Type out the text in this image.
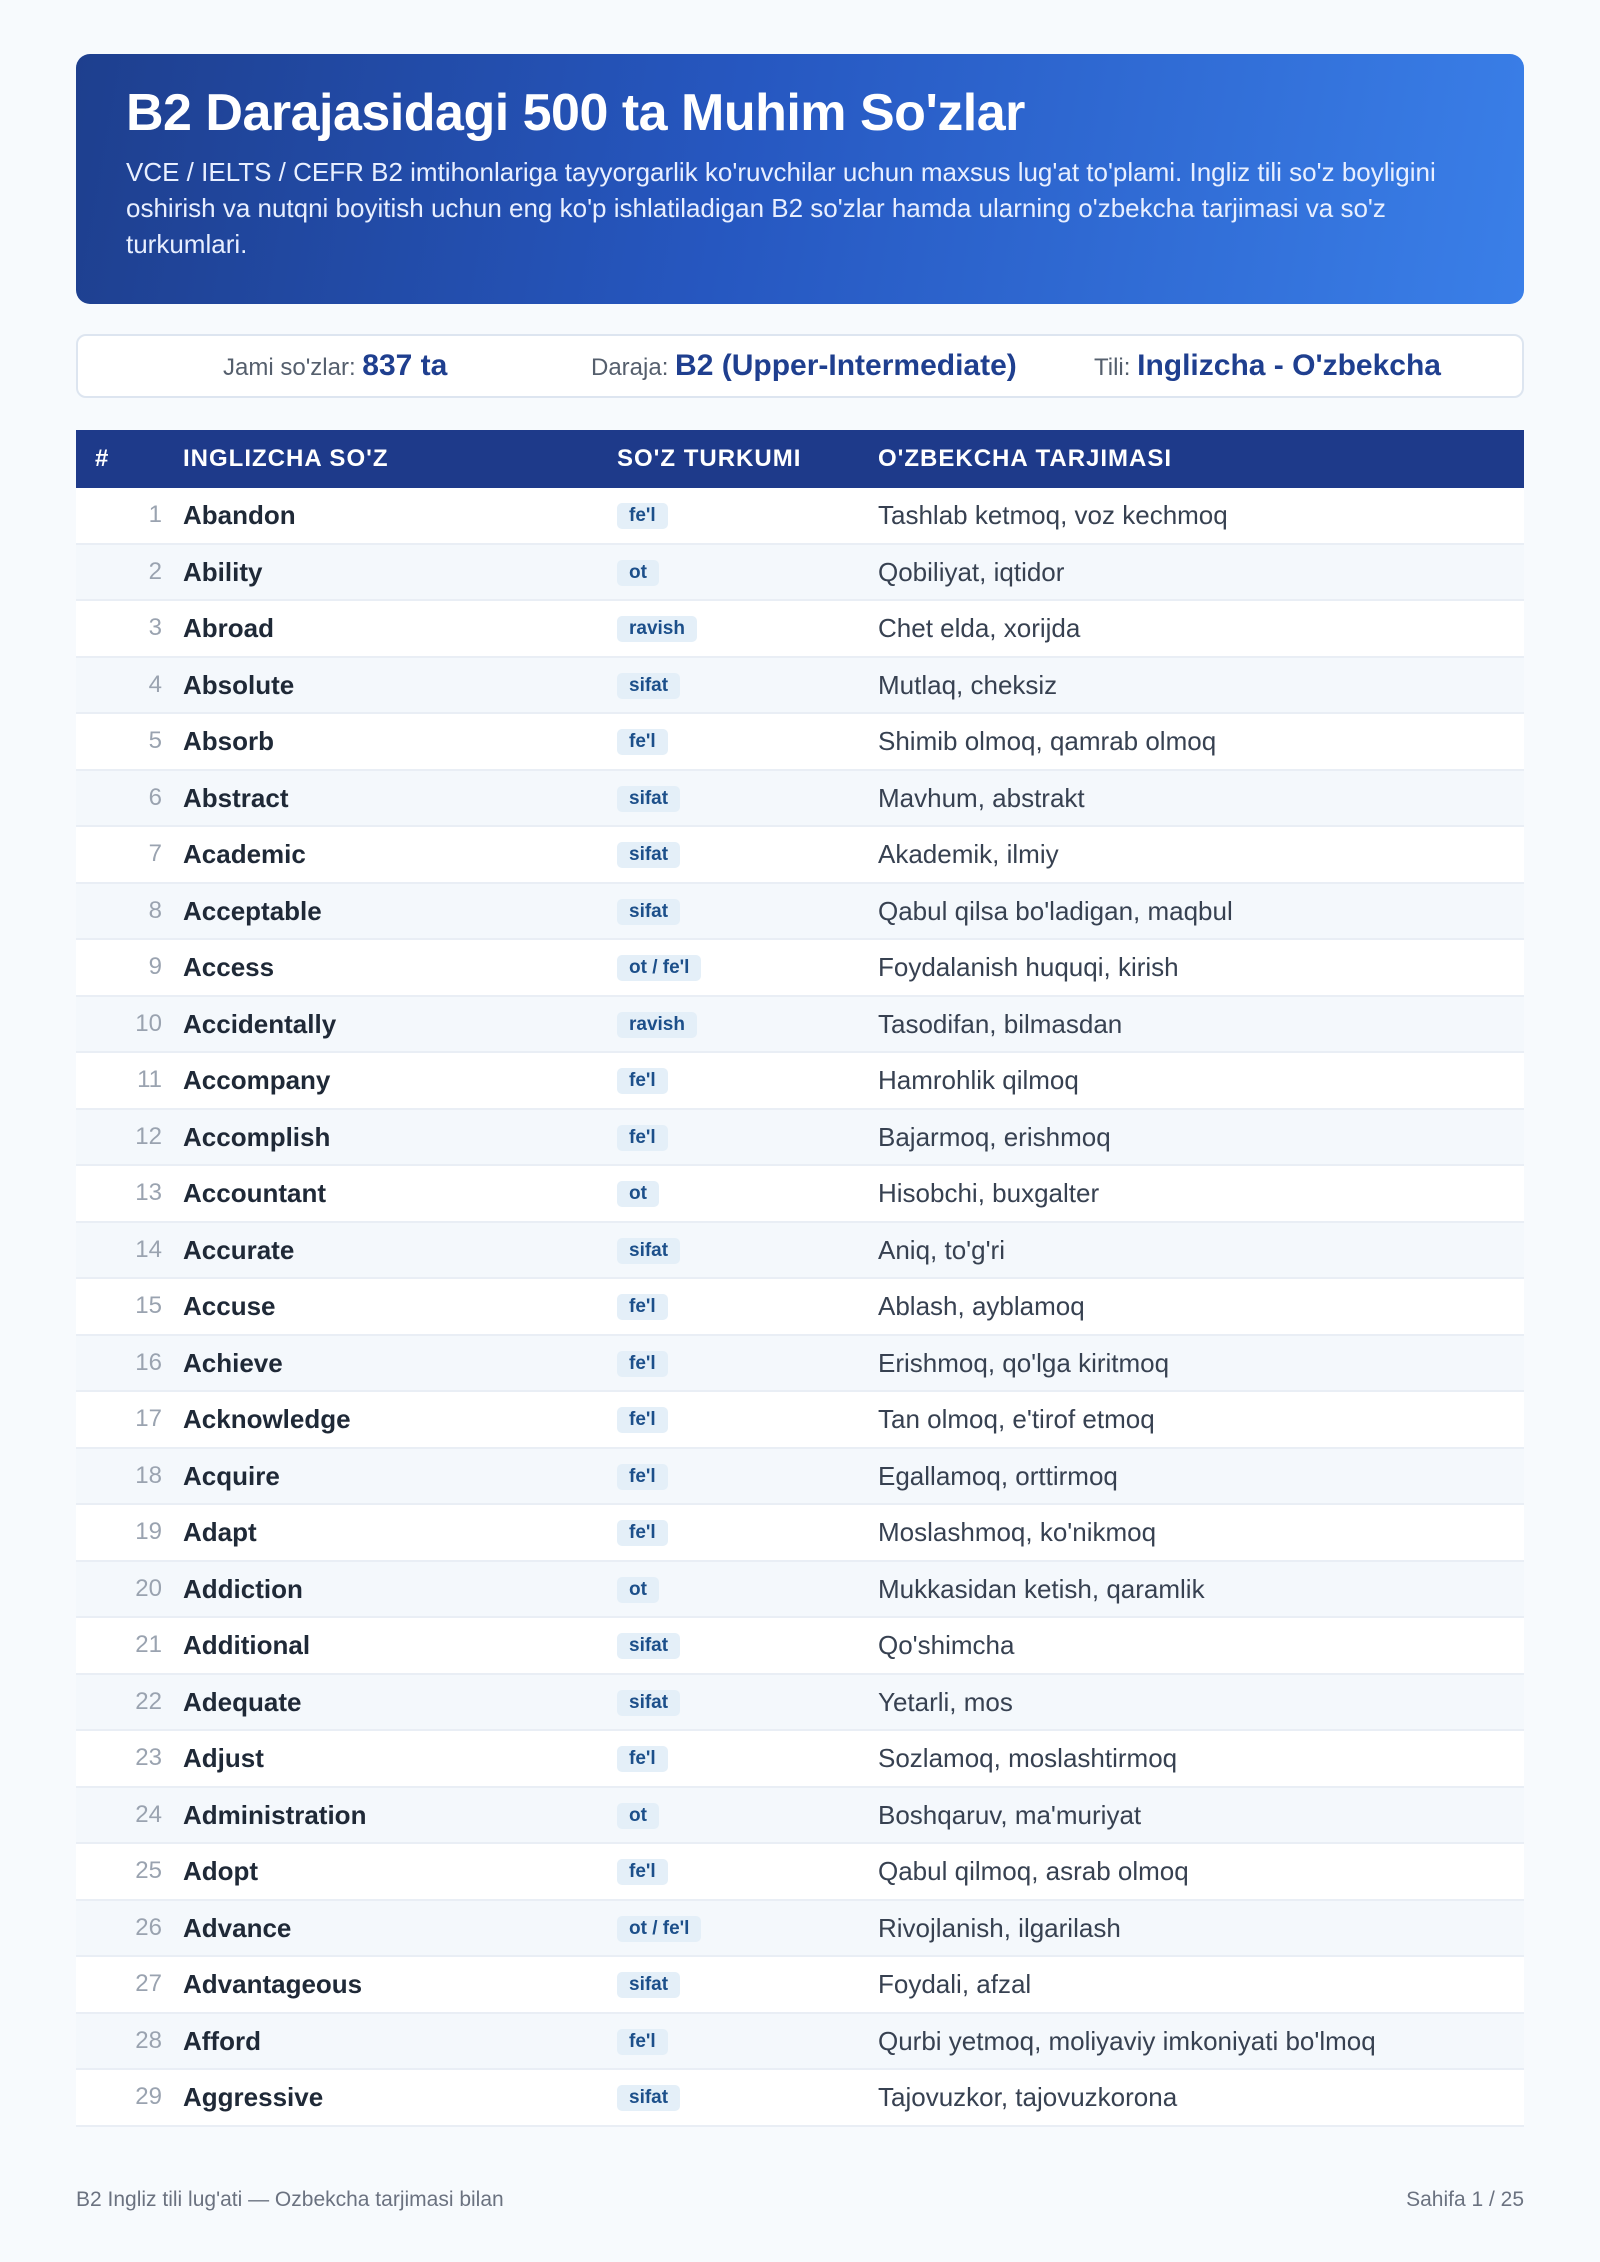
B2 Darajasidagi 500 ta Muhim So'zlar

VCE / IELTS / CEFR B2 imtihonlariga tayyorgarlik ko'ruvchilar uchun maxsus lug'at to'plami. Ingliz tili so'z boyligini oshirish va nutqni boyitish uchun eng ko'p ishlatiladigan B2 so'zlar hamda ularning o'zbekcha tarjimasi va so'z turkumlari.

Jami so'zlar: 837 ta	Daraja: B2 (Upper-Intermediate)	Tili: Inglizcha - O'zbekcha
#	INGLIZCHA SO'Z	SO'Z TURKUMI	O'ZBEKCHA TARJIMASI
1 Abandon	fe'l	Tashlab ketmoq, voz kechmoq
2 Ability	ot	Qobiliyat, iqtidor
3 Abroad	ravish	Chet elda, xorijda
4 Absolute	sifat	Mutlaq, cheksiz
5 Absorb	fe'l	Shimib olmoq, qamrab olmoq
6 Abstract	sifat	Mavhum, abstrakt
7 Academic	sifat	Akademik, ilmiy
8 Acceptable	sifat	Qabul qilsa bo'ladigan, maqbul
9 Access	ot / fe'l	Foydalanish huquqi, kirish
10 Accidentally	ravish	Tasodifan, bilmasdan
11 Accompany	fe'l	Hamrohlik qilmoq
12 Accomplish	fe'l	Bajarmoq, erishmoq
13 Accountant	ot	Hisobchi, buxgalter
14 Accurate	sifat	Aniq, to'g'ri
15 Accuse	fe'l	Ablash, ayblamoq
16 Achieve	fe'l	Erishmoq, qo'lga kiritmoq
17 Acknowledge	fe'l	Tan olmoq, e'tirof etmoq
18 Acquire	fe'l	Egallamoq, orttirmoq
19 Adapt	fe'l	Moslashmoq, ko'nikmoq
20 Addiction	ot	Mukkasidan ketish, qaramlik
21 Additional	sifat	Qo'shimcha
22 Adequate	sifat	Yetarli, mos
23 Adjust	fe'l	Sozlamoq, moslashtirmoq
24 Administration	ot	Boshqaruv, ma'muriyat
25 Adopt	fe'l	Qabul qilmoq, asrab olmoq
26 Advance	ot / fe'l	Rivojlanish, ilgarilash
27 Advantageous	sifat	Foydali, afzal
28 Afford	fe'l	Qurbi yetmoq, moliyaviy imkoniyati bo'lmoq
29 Aggressive	sifat	Tajovuzkor, tajovuzkorona
B2 Ingliz tili lug'ati — Ozbekcha tarjimasi bilan	Sahifa 1 / 25
